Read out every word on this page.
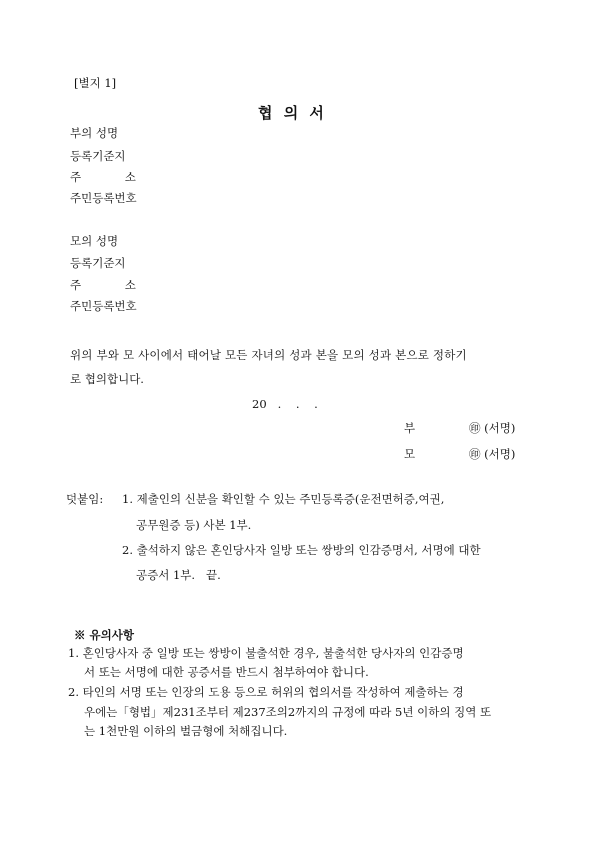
[별지 1]
협 의 서
부의 성명
등록기준지
주 소
주민등록번호
모의 성명
등록기준지
주 소
주민등록번호
위의 부와 모 사이에서 태어날 모든 자녀의 성과 본을 모의 성과 본으로 정하기
로 협의합니다.
20   .    .    .
부	㊞ (서명)
모	㊞ (서명)
덧붙임: 1. 제출인의 신분을 확인할 수 있는 주민등록증(운전면허증,여권,
공무원증 등) 사본 1부.
2. 출석하지 않은 혼인당사자 일방 또는 쌍방의 인감증명서, 서명에 대한
공증서 1부.   끝.
※ 유의사항
1. 혼인당사자 중 일방 또는 쌍방이 불출석한 경우, 불출석한 당사자의 인감증명
서 또는 서명에 대한 공증서를 반드시 첨부하여야 합니다.
2. 타인의 서명 또는 인장의 도용 등으로 허위의 협의서를 작성하여 제출하는 경
우에는「형법」제231조부터 제237조의2까지의 규정에 따라 5년 이하의 징역 또
는 1천만원 이하의 벌금형에 처해집니다.
